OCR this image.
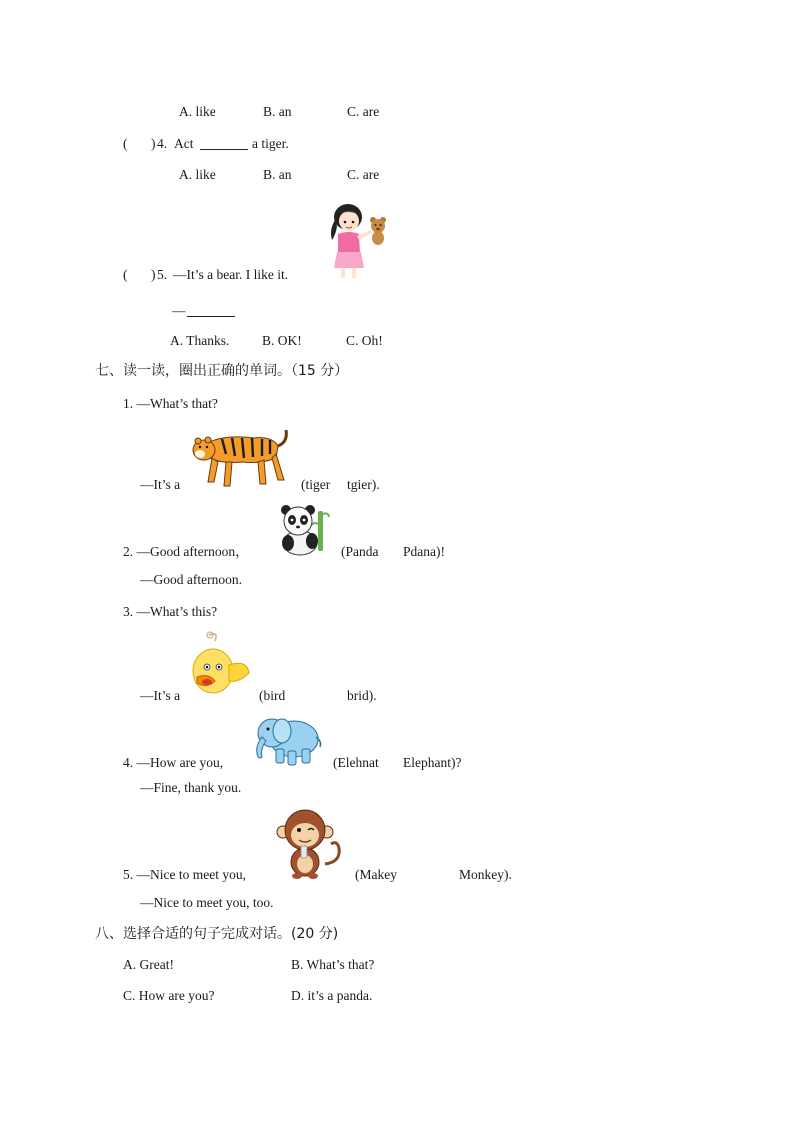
A. like	B. an	C. are
( ) 4. Act	a tiger.
A. like	B. an	C. are
( ) 5. —It’s a bear. I like it.
—
A. Thanks. B. OK!	C. Oh!
七、读一读，圈出正确的单词。（15 分）
1. —What’s that?
—It’s a	(tiger tgier).
2. —Good afternoon，	(Panda Pdana)!
—Good afternoon.
3. —What’s this?
—It’s a	(bird	brid).
4. —How are you,	(Elehnat Elephant)?
—Fine, thank you.
5. —Nice to meet you,	(Makey	Monkey).
—Nice to meet you, too.
八、选择合适的句子完成对话。(20 分)
A. Great!	B. What’s that?
C. How are you?	D. it’s a panda.
